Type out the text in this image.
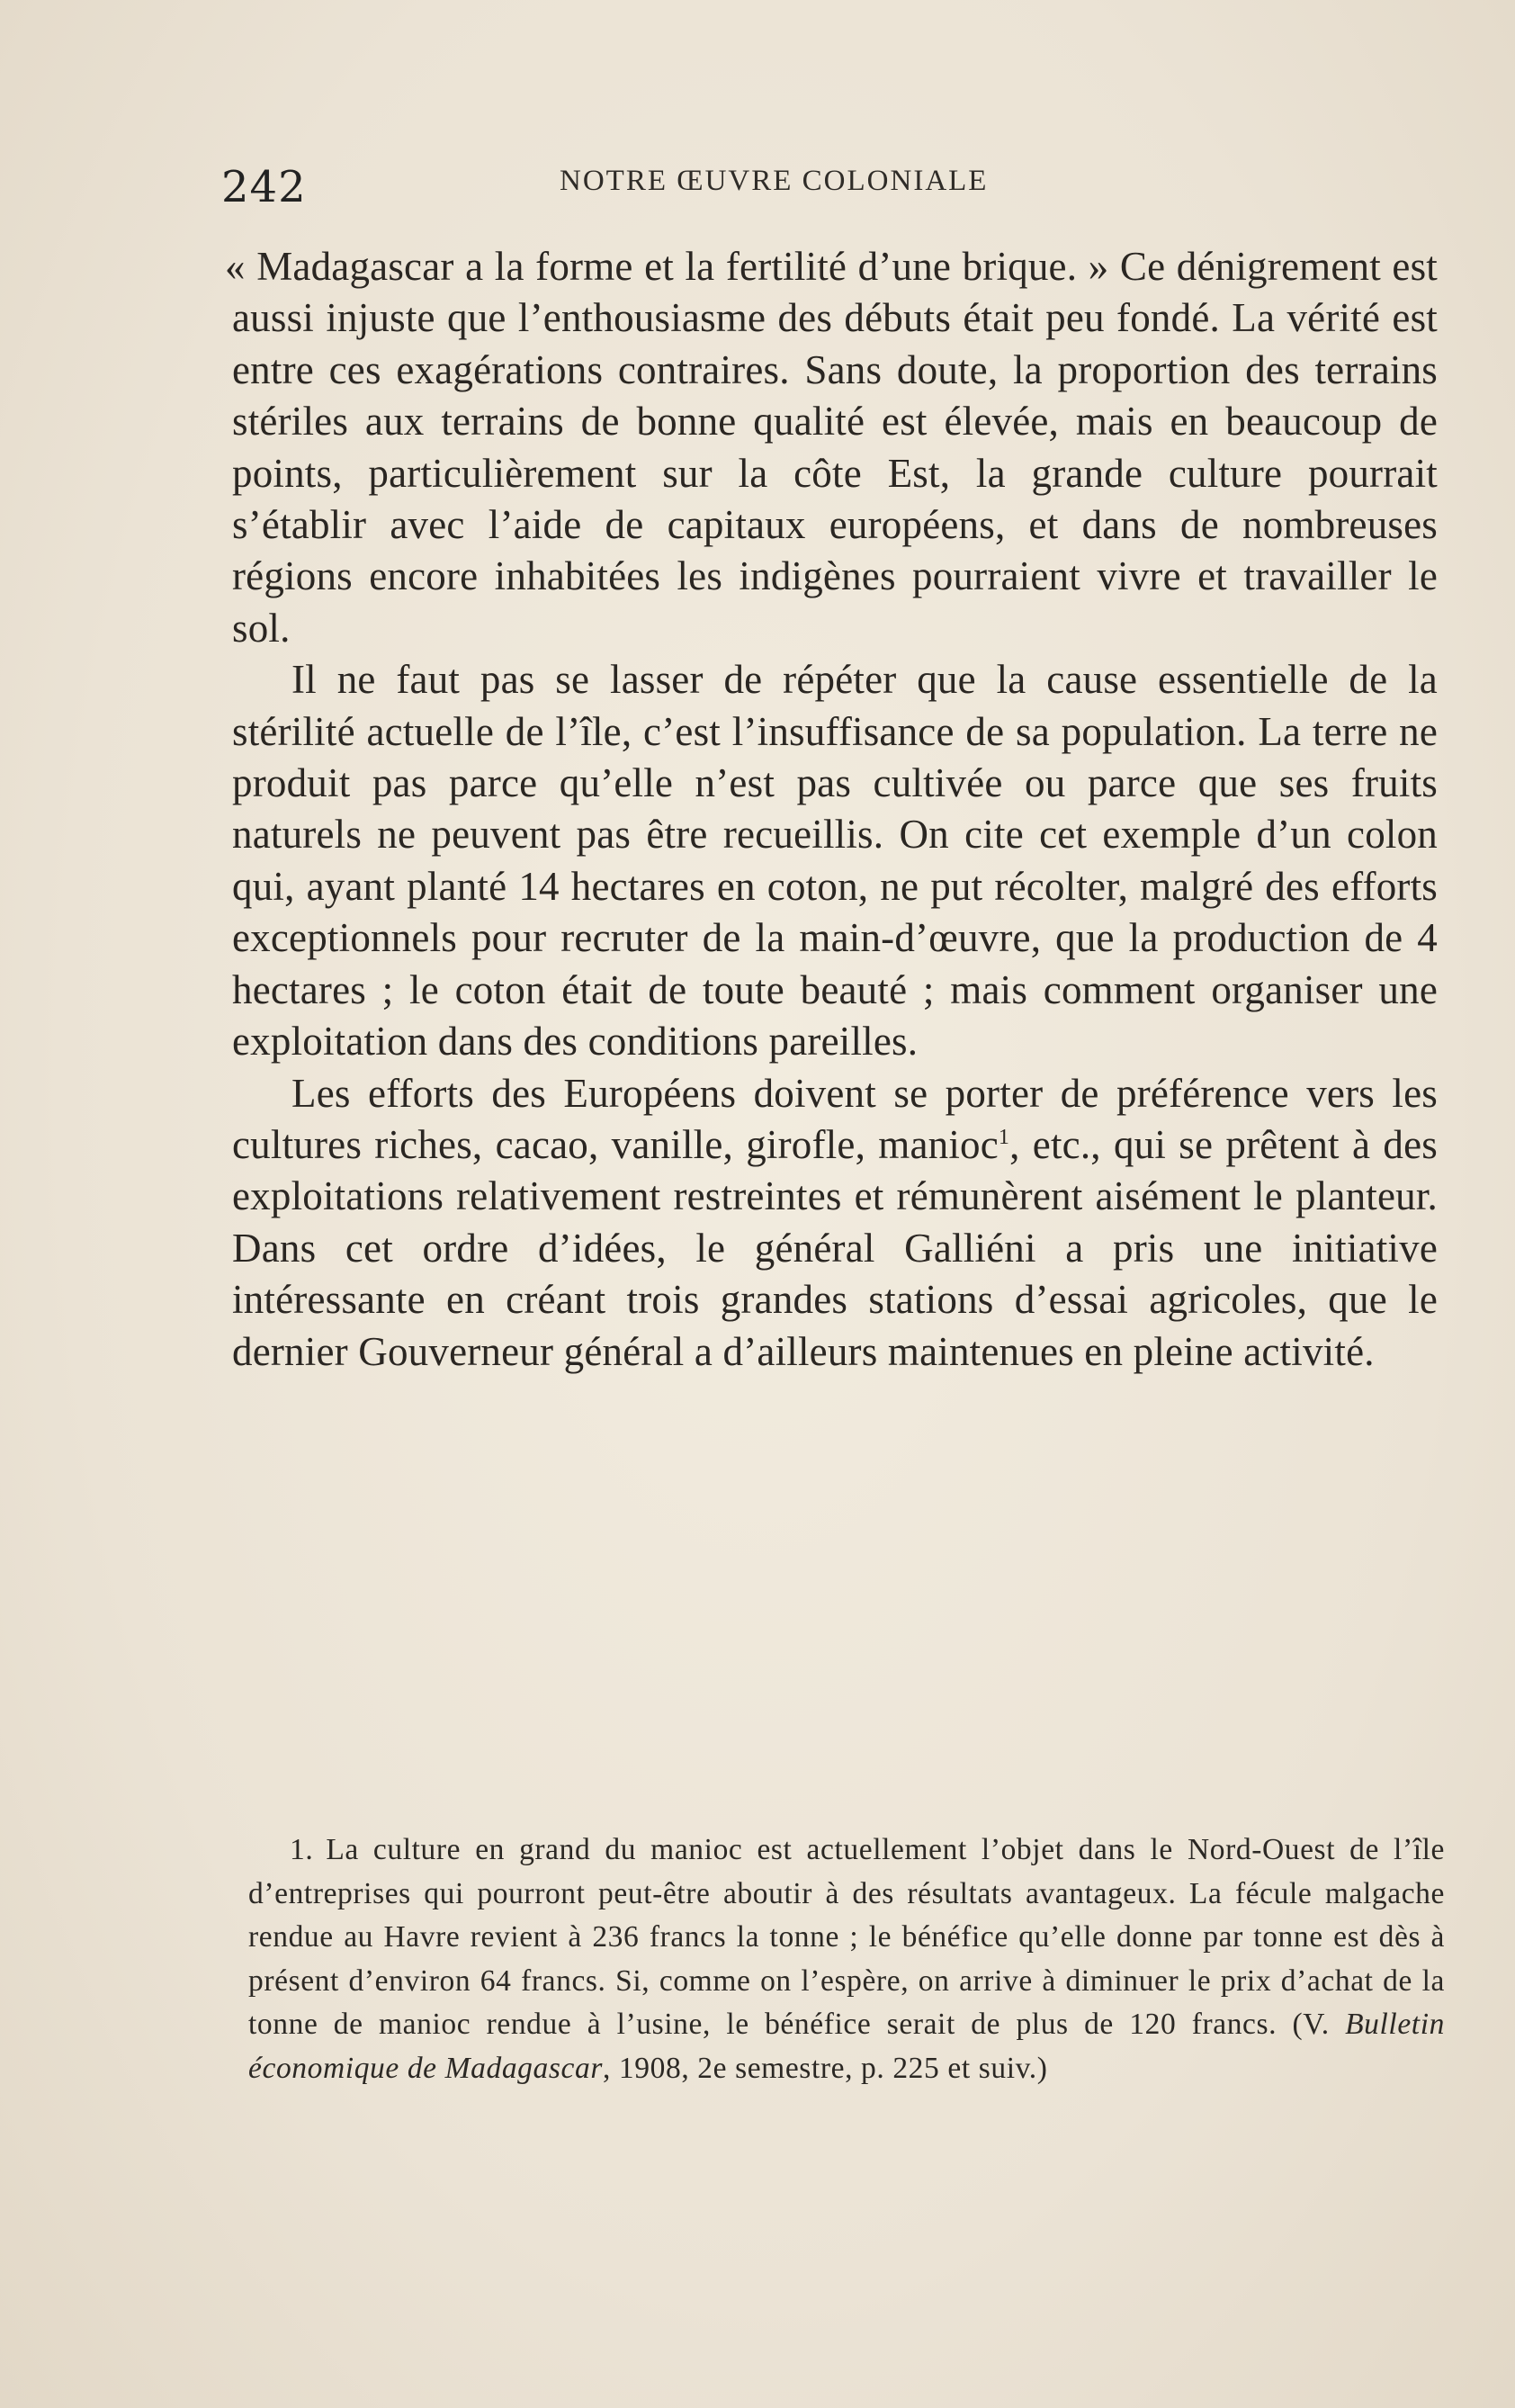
242	NOTRE ŒUVRE COLONIALE

« Madagascar a la forme et la fertilité d’une brique. » Ce dénigrement est aussi injuste que l’enthousiasme des débuts était peu fondé. La vérité est entre ces exagérations contraires. Sans doute, la proportion des terrains stériles aux terrains de bonne qualité est élevée, mais en beaucoup de points, particulièrement sur la côte Est, la grande culture pourrait s’établir avec l’aide de capitaux européens, et dans de nombreuses régions encore inhabitées les indigènes pourraient vivre et travailler le sol.

Il ne faut pas se lasser de répéter que la cause essentielle de la stérilité actuelle de l’île, c’est l’insuffisance de sa population. La terre ne produit pas parce qu’elle n’est pas cultivée ou parce que ses fruits naturels ne peuvent pas être recueillis. On cite cet exemple d’un colon qui, ayant planté 14 hectares en coton, ne put récolter, malgré des efforts exceptionnels pour recruter de la main-d’œuvre, que la production de 4 hectares ; le coton était de toute beauté ; mais comment organiser une exploitation dans des conditions pareilles.

Les efforts des Européens doivent se porter de préférence vers les cultures riches, cacao, vanille, girofle, manioc$^1$, etc., qui se prêtent à des exploitations relativement restreintes et rémunèrent aisément le planteur. Dans cet ordre d’idées, le général Galliéni a pris une initiative intéressante en créant trois grandes stations d’essai agricoles, que le dernier Gouverneur général a d’ailleurs maintenues en pleine activité.

1. La culture en grand du manioc est actuellement l’objet dans le Nord-Ouest de l’île d’entreprises qui pourront peut-être aboutir à des résultats avantageux. La fécule malgache rendue au Havre revient à 236 francs la tonne ; le bénéfice qu’elle donne par tonne est dès à présent d’environ 64 francs. Si, comme on l’espère, on arrive à diminuer le prix d’achat de la tonne de manioc rendue à l’usine, le bénéfice serait de plus de 120 francs. (V. Bulletin économique de Madagascar, 1908, 2e semestre, p. 225 et suiv.)
